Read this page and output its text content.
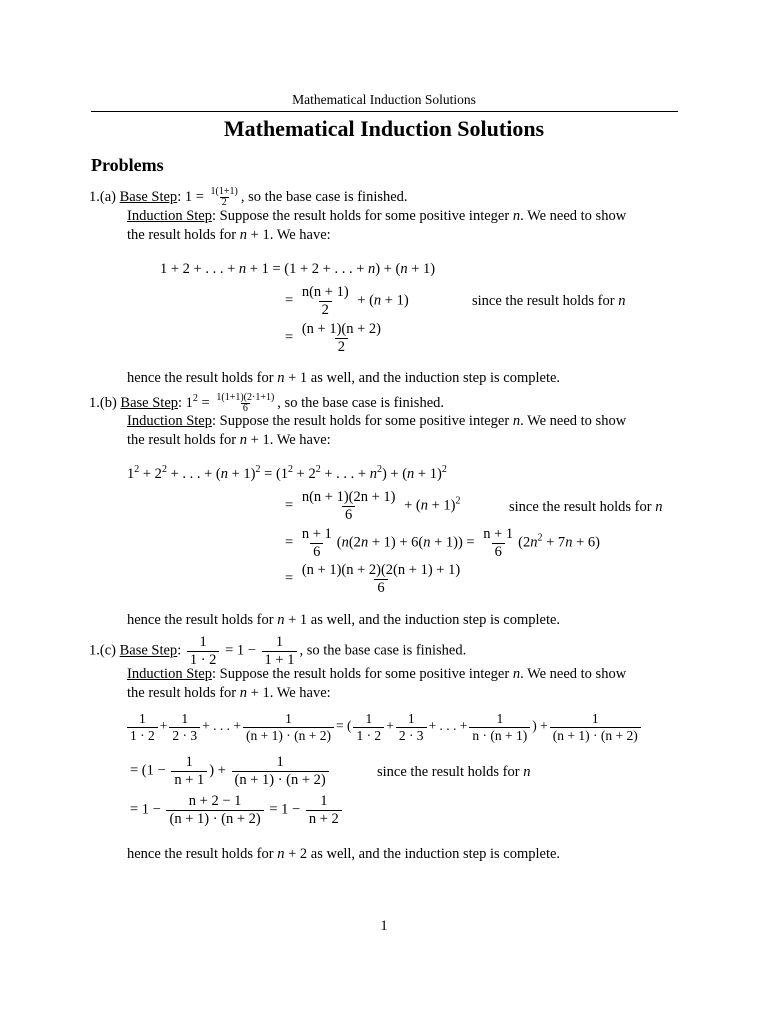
Mathematical Induction Solutions
Mathematical Induction Solutions
Problems
1.(a) Base Step: $1 = \frac{1(1+1)}{2}$ , so the base case is finished.
Induction Step: Suppose the result holds for some positive integer n. We need to show
the result holds for n + 1. We have:
1 + 2 + . . . + n + 1 = (1 + 2 + . . . + n) + (n + 1)
= $\frac{n(n + 1)}{2} + (n + 1)$	since the result holds for n
= $\frac{(n + 1)(n + 2)}{2}$
hence the result holds for n + 1 as well, and the induction step is complete.
1.(b) Base Step: $1^2 = \frac{1(1+1)(2\cdot 1+1)}{6}$ , so the base case is finished.
Induction Step: Suppose the result holds for some positive integer n. We need to show
the result holds for n + 1. We have:
$1^2 + 2^2$ + . . . + $(n + 1)^2 = (1^2 + 2^2$ + . . . + $n^2) + (n + 1)^2$
= $\frac{n(n + 1)(2n + 1)}{6} + (n + 1)^2$	since the result holds for n
= $\frac{n + 1}{6} (n(2n + 1) + 6(n + 1)) = \frac{n + 1}{6} (2n^2 + 7n + 6)$
= $\frac{(n + 1)(n + 2)(2(n + 1) + 1)}{6}$
hence the result holds for n + 1 as well, and the induction step is complete.
1.(c) Base Step: $\frac{1}{1 \cdot 2} = 1 - \frac{1}{1 + 1}$ , so the base case is finished.
Induction Step: Suppose the result holds for some positive integer n. We need to show
the result holds for n + 1. We have:
$\frac{1}{1 \cdot 2} + \frac{1}{2 \cdot 3}$ + . . . + $\frac{1}{(n + 1) \cdot (n + 2)}$ = ( $\frac{1}{1 \cdot 2} + \frac{1}{2 \cdot 3}$ + . . . + $\frac{1}{n \cdot (n + 1)}$ ) + $\frac{1}{(n + 1) \cdot (n + 2)}$
= ($1 - \frac{1}{n + 1}$ ) + $\frac{1}{(n + 1) \cdot (n + 2)}$	since the result holds for n
= $1 - \frac{n + 2 - 1}{(n + 1) \cdot (n + 2)} = 1 - \frac{1}{n + 2}$
hence the result holds for n + 2 as well, and the induction step is complete.
1
